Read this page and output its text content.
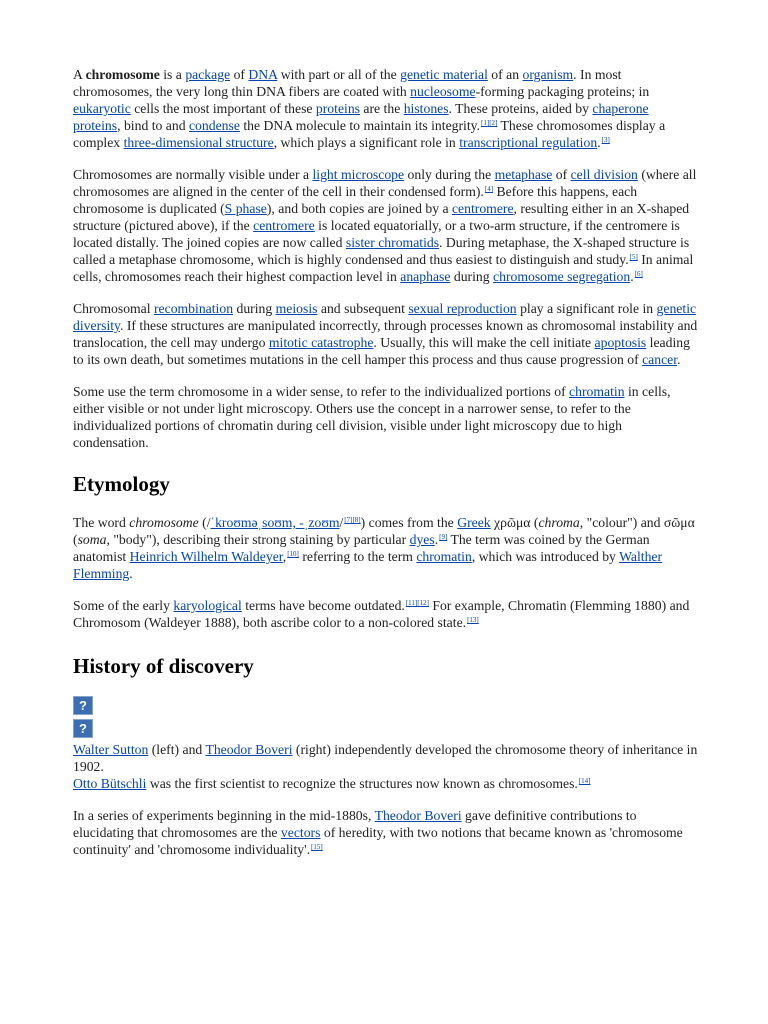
A chromosome is a package of DNA with part or all of the genetic material of an organism. In most chromosomes, the very long thin DNA fibers are coated with nucleosome-forming packaging proteins; in eukaryotic cells the most important of these proteins are the histones. These proteins, aided by chaperone proteins, bind to and condense the DNA molecule to maintain its integrity.[1][2] These chromosomes display a complex three-dimensional structure, which plays a significant role in transcriptional regulation.[3]

Chromosomes are normally visible under a light microscope only during the metaphase of cell division (where all chromosomes are aligned in the center of the cell in their condensed form).[4] Before this happens, each chromosome is duplicated (S phase), and both copies are joined by a centromere, resulting either in an X-shaped structure (pictured above), if the centromere is located equatorially, or a two-arm structure, if the centromere is located distally. The joined copies are now called sister chromatids. During metaphase, the X-shaped structure is called a metaphase chromosome, which is highly condensed and thus easiest to distinguish and study.[5] In animal cells, chromosomes reach their highest compaction level in anaphase during chromosome segregation.[6]

Chromosomal recombination during meiosis and subsequent sexual reproduction play a significant role in genetic diversity. If these structures are manipulated incorrectly, through processes known as chromosomal instability and translocation, the cell may undergo mitotic catastrophe. Usually, this will make the cell initiate apoptosis leading to its own death, but sometimes mutations in the cell hamper this process and thus cause progression of cancer.

Some use the term chromosome in a wider sense, to refer to the individualized portions of chromatin in cells, either visible or not under light microscopy. Others use the concept in a narrower sense, to refer to the individualized portions of chromatin during cell division, visible under light microscopy due to high condensation.

Etymology

The word chromosome (/ˈkroʊməˌsoʊm, -ˌzoʊm/[7][8]) comes from the Greek χρῶμα (chroma, "colour") and σῶμα (soma, "body"), describing their strong staining by particular dyes.[9] The term was coined by the German anatomist Heinrich Wilhelm Waldeyer,[10] referring to the term chromatin, which was introduced by Walther Flemming.

Some of the early karyological terms have become outdated.[11][12] For example, Chromatin (Flemming 1880) and Chromosom (Waldeyer 1888), both ascribe color to a non-colored state.[13]

History of discovery
?
?

Walter Sutton (left) and Theodor Boveri (right) independently developed the chromosome theory of inheritance in 1902.
Otto Bütschli was the first scientist to recognize the structures now known as chromosomes.[14]

In a series of experiments beginning in the mid-1880s, Theodor Boveri gave definitive contributions to elucidating that chromosomes are the vectors of heredity, with two notions that became known as 'chromosome continuity' and 'chromosome individuality'.[15]
